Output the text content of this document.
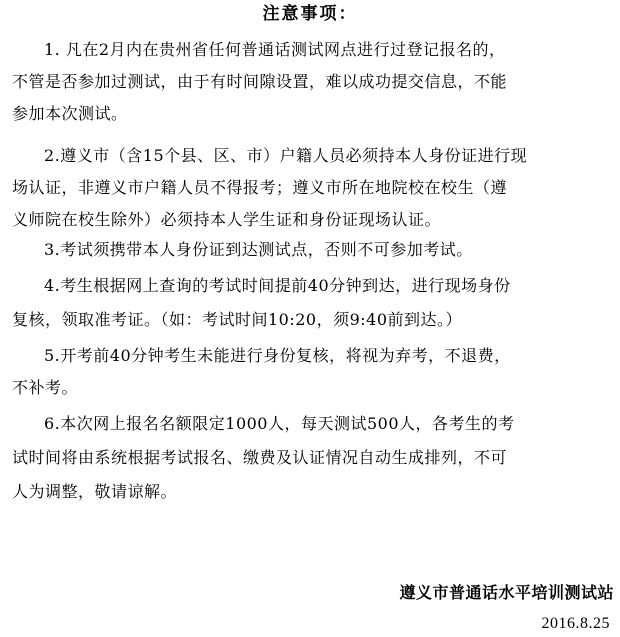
注意事项：
1. 凡在2月内在贵州省任何普通话测试网点进行过登记报名的，
不管是否参加过测试，由于有时间隙设置，难以成功提交信息，不能
参加本次测试。
2.遵义市（含15个县、区、市）户籍人员必须持本人身份证进行现
场认证，非遵义市户籍人员不得报考；遵义市所在地院校在校生（遵
义师院在校生除外）必须持本人学生证和身份证现场认证。
3.考试须携带本人身份证到达测试点，否则不可参加考试。
4.考生根据网上查询的考试时间提前40分钟到达，进行现场身份
复核，领取准考证。（如：考试时间10:20，须9:40前到达。）
5.开考前40分钟考生未能进行身份复核，将视为弃考，不退费，
不补考。
6.本次网上报名名额限定1000人，每天测试500人，各考生的考
试时间将由系统根据考试报名、缴费及认证情况自动生成排列，不可
人为调整，敬请谅解。
遵义市普通话水平培训测试站
2016.8.25
